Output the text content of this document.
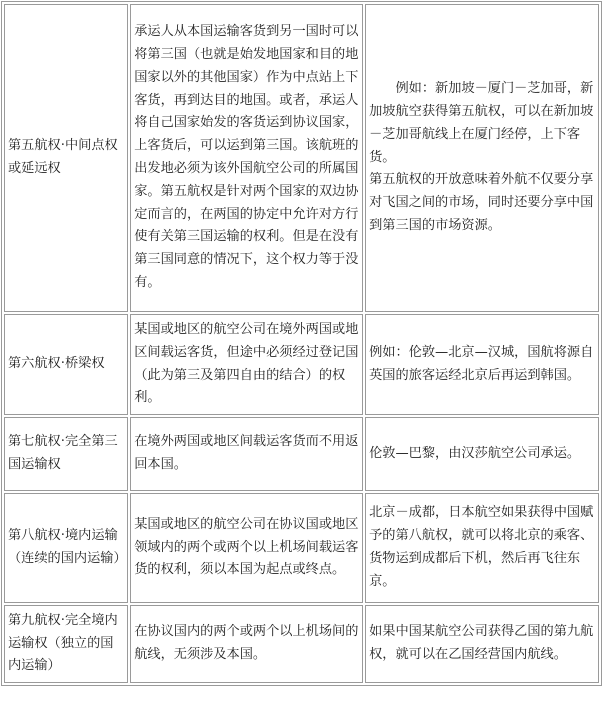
第五航权·中间点权或延远权	承运人从本国运输客货到另一国时可以将第三国（也就是始发地国家和目的地国家以外的其他国家）作为中点站上下客货，再到达目的地国。或者，承运人将自己国家始发的客货运到协议国家，上客货后，可以运到第三国。该航班的出发地必须为该外国航空公司的所属国家。第五航权是针对两个国家的双边协定而言的，在两国的协定中允许对方行使有关第三国运输的权利。但是在没有第三国同意的情况下，这个权力等于没有。	例如：新加坡－厦门－芝加哥，新加坡航空获得第五航权，可以在新加坡－芝加哥航线上在厦门经停，上下客货。

第五航权的开放意味着外航不仅要分享对飞国之间的市场，同时还要分享中国到第三国的市场资源。

第六航权·桥梁权	某国或地区的航空公司在境外两国或地区间载运客货，但途中必须经过登记国（此为第三及第四自由的结合）的权利。	例如：伦敦—北京—汉城，国航将源自英国的旅客运经北京后再运到韩国。
第七航权·完全第三国运输权	在境外两国或地区间载运客货而不用返回本国。	伦敦—巴黎，由汉莎航空公司承运。
第八航权·境内运输（连续的国内运输）	某国或地区的航空公司在协议国或地区领域内的两个或两个以上机场间载运客货的权利，须以本国为起点或终点。	北京－成都，日本航空如果获得中国赋予的第八航权，就可以将北京的乘客、货物运到成都后下机，然后再飞往东京。
第九航权·完全境内运输权（独立的国内运输）	在协议国内的两个或两个以上机场间的航线，无须涉及本国。	如果中国某航空公司获得乙国的第九航权，就可以在乙国经营国内航线。
